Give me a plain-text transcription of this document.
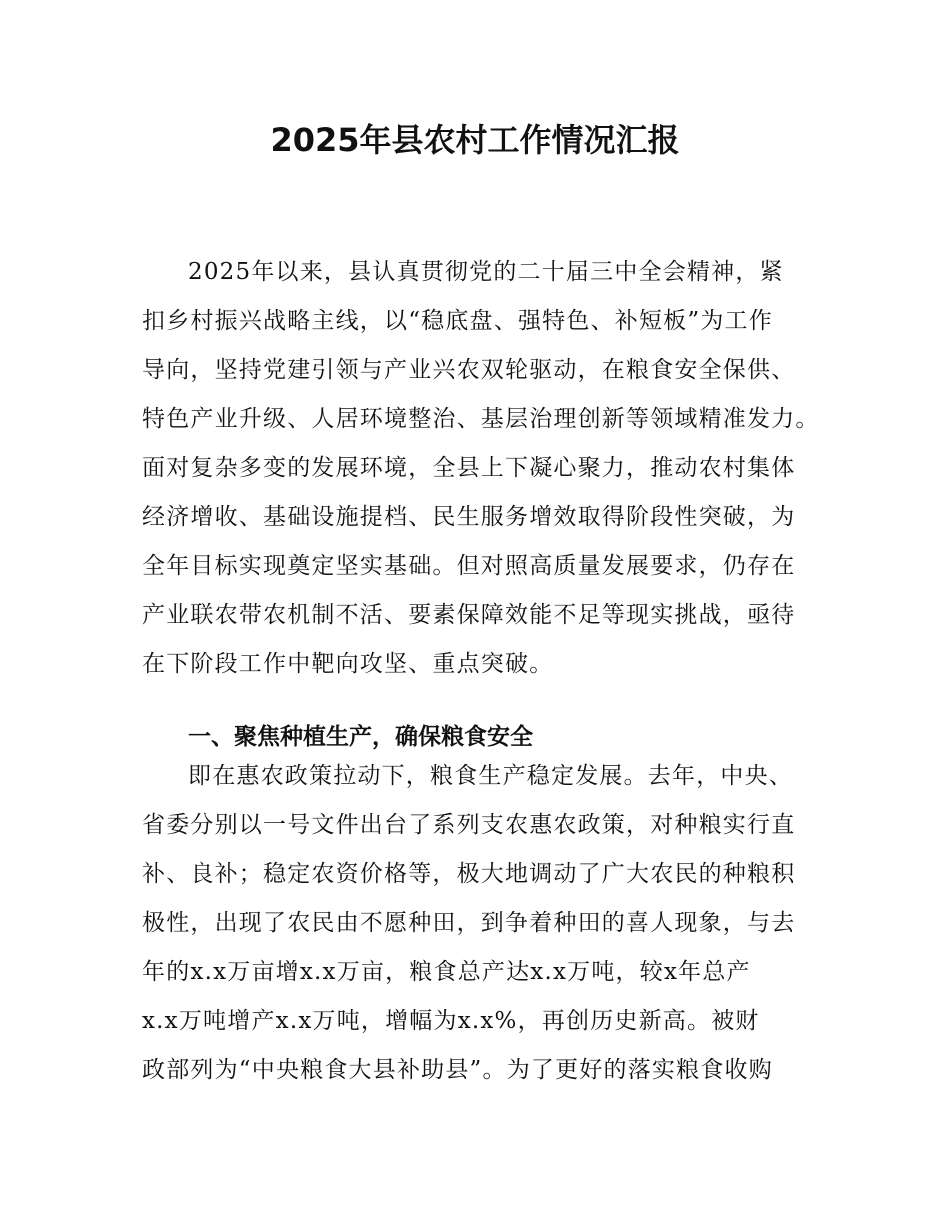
2025年县农村工作情况汇报
2025年以来，县认真贯彻党的二十届三中全会精神，紧
扣乡村振兴战略主线，以“稳底盘、强特色、补短板”为工作
导向，坚持党建引领与产业兴农双轮驱动，在粮食安全保供、
特色产业升级、人居环境整治、基层治理创新等领域精准发力。
面对复杂多变的发展环境，全县上下凝心聚力，推动农村集体
经济增收、基础设施提档、民生服务增效取得阶段性突破，为
全年目标实现奠定坚实基础。但对照高质量发展要求，仍存在
产业联农带农机制不活、要素保障效能不足等现实挑战，亟待
在下阶段工作中靶向攻坚、重点突破。
一、聚焦种植生产，确保粮食安全
即在惠农政策拉动下，粮食生产稳定发展。去年，中央、
省委分别以一号文件出台了系列支农惠农政策，对种粮实行直
补、良补；稳定农资价格等，极大地调动了广大农民的种粮积
极性，出现了农民由不愿种田，到争着种田的喜人现象，与去
年的x.x万亩增x.x万亩，粮食总产达x.x万吨，较x年总产
x.x万吨增产x.x万吨，增幅为x.x%，再创历史新高。被财
政部列为“中央粮食大县补助县”。为了更好的落实粮食收购
